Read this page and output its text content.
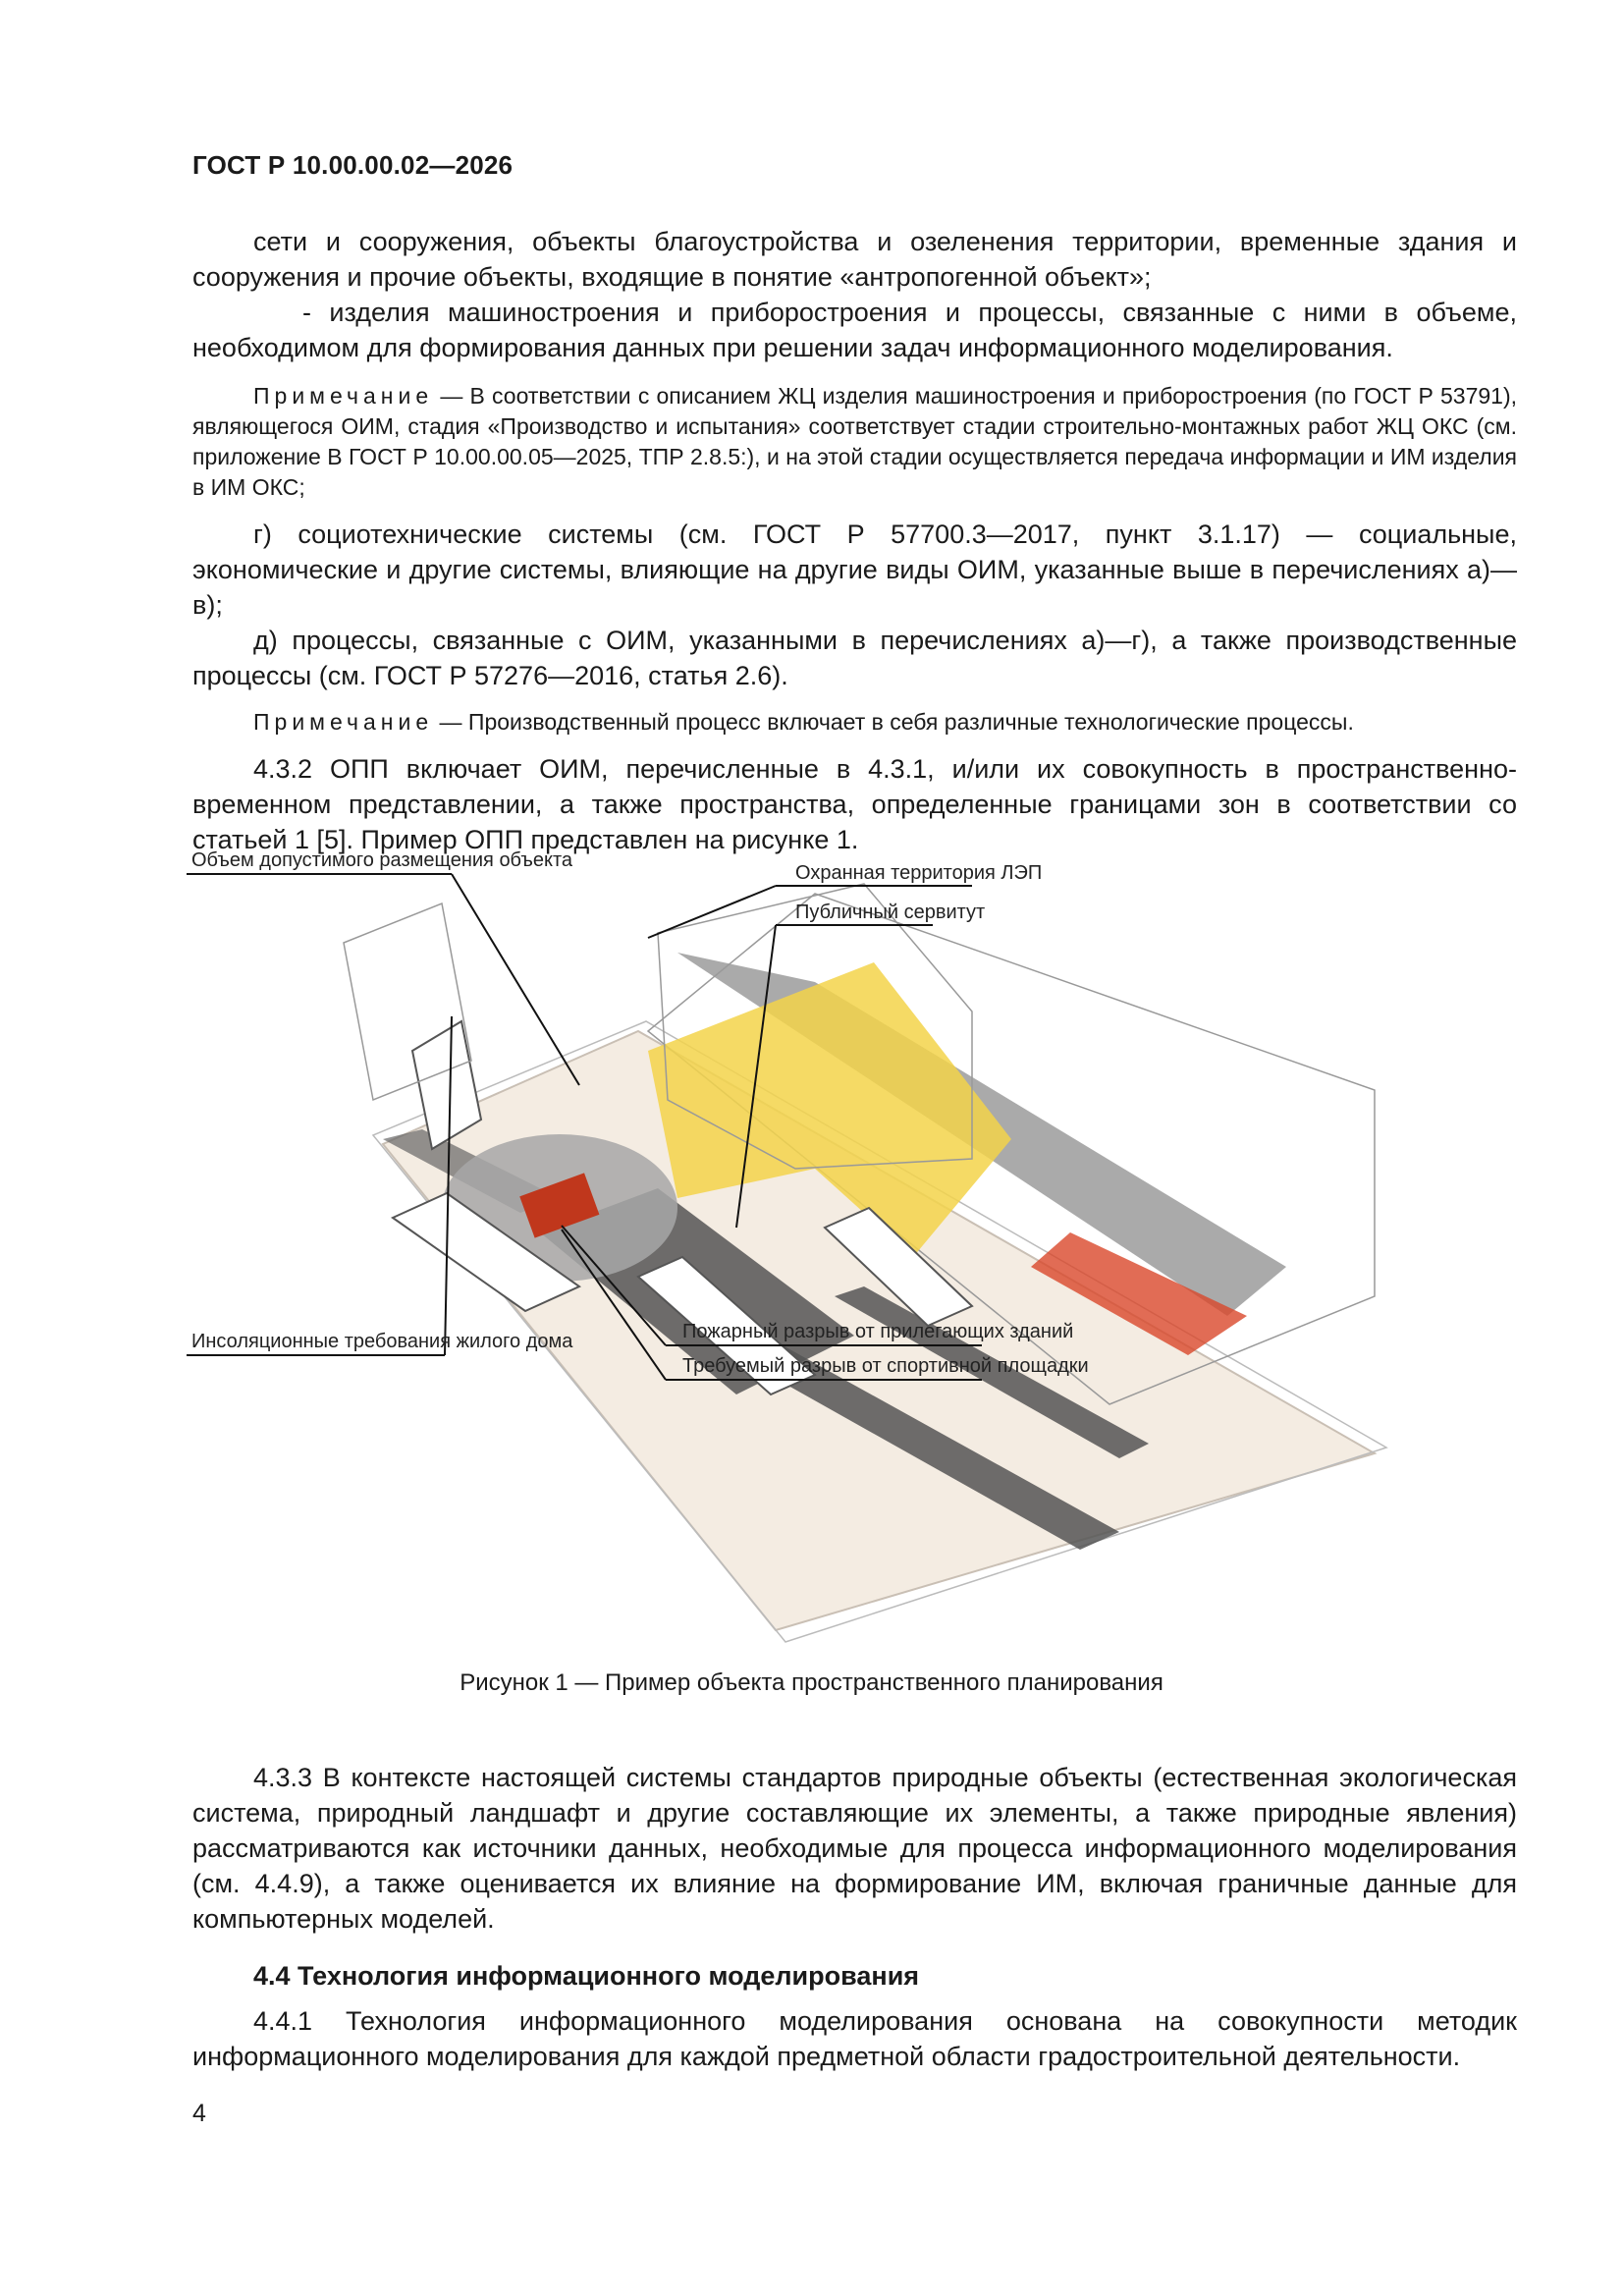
ГОСТ Р 10.00.00.02—2026

сети и сооружения, объекты благоустройства и озеленения территории, временные здания и сооружения и прочие объекты, входящие в понятие «антропогенной объект»;

- изделия машиностроения и приборостроения и процессы, связанные с ними в объеме, необходимом для формирования данных при решении задач информационного моделирования.

Примечание — В соответствии с описанием ЖЦ изделия машиностроения и приборостроения (по ГОСТ Р 53791), являющегося ОИМ, стадия «Производство и испытания» соответствует стадии строительно-монтажных работ ЖЦ ОКС (см. приложение В ГОСТ Р 10.00.00.05—2025, ТПР 2.8.5:), и на этой стадии осуществляется передача информации и ИМ изделия в ИМ ОКС;

г) социотехнические системы (см. ГОСТ Р 57700.3—2017, пункт 3.1.17) — социальные, экономические и другие системы, влияющие на другие виды ОИМ, указанные выше в перечислениях а)—в);

д) процессы, связанные с ОИМ, указанными в перечислениях а)—г), а также производственные процессы (см. ГОСТ Р 57276—2016, статья 2.6).

Примечание — Производственный процесс включает в себя различные технологические процессы.

4.3.2 ОПП включает ОИМ, перечисленные в 4.3.1, и/или их совокупность в пространственно-временном представлении, а также пространства, определенные границами зон в соответствии со статьей 1 [5]. Пример ОПП представлен на рисунке 1.

Объем допустимого размещения объекта
Охранная территория ЛЭП
Публичный сервитут
Инсоляционные требования жилого дома	Пожарный разрыв от прилегающих зданий
Требуемый разрыв от спортивной площадки
Рисунок 1 — Пример объекта пространственного планирования

4.3.3 В контексте настоящей системы стандартов природные объекты (естественная экологическая система, природный ландшафт и другие составляющие их элементы, а также природные явления) рассматриваются как источники данных, необходимые для процесса информационного моделирования (см. 4.4.9), а также оценивается их влияние на формирование ИМ, включая граничные данные для компьютерных моделей.

4.4 Технология информационного моделирования

4.4.1 Технология информационного моделирования основана на совокупности методик информационного моделирования для каждой предметной области градостроительной деятельности.

4
